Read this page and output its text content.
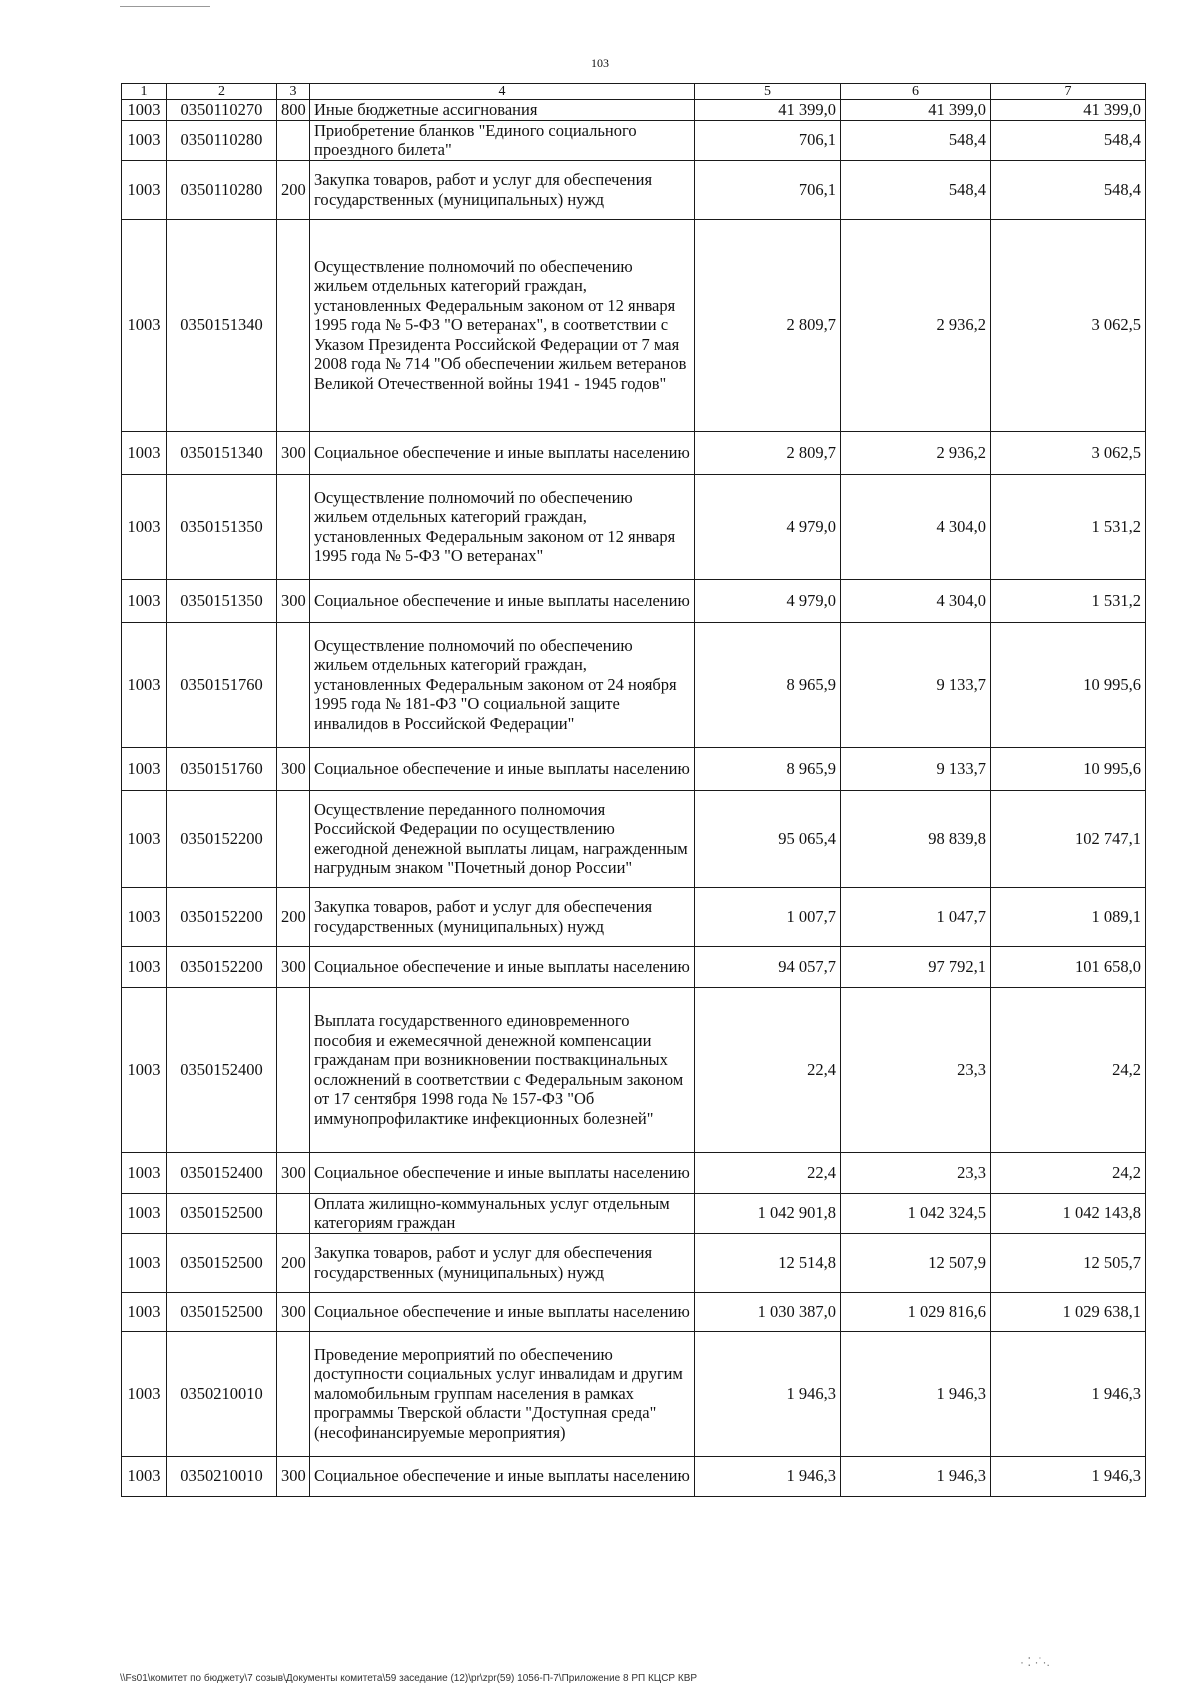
103
1	2	3	4	5	6	7
1003	0350110270	800	Иные бюджетные ассигнования	41 399,0	41 399,0	41 399,0
1003	0350110280		Приобретение бланков "Единого социального проездного билета"	706,1	548,4	548,4
1003	0350110280	200	Закупка товаров, работ и услуг для обеспечения государственных (муниципальных) нужд	706,1	548,4	548,4
1003	0350151340		Осуществление полномочий по обеспечению жильем отдельных категорий граждан, установленных Федеральным законом от 12 января 1995 года № 5-ФЗ "О ветеранах", в соответствии с Указом Президента Российской Федерации от 7 мая 2008 года № 714 "Об обеспечении жильем ветеранов Великой Отечественной войны 1941 - 1945 годов"	2 809,7	2 936,2	3 062,5
1003	0350151340	300	Социальное обеспечение и иные выплаты населению	2 809,7	2 936,2	3 062,5
1003	0350151350		Осуществление полномочий по обеспечению жильем отдельных категорий граждан, установленных Федеральным законом от 12 января 1995 года № 5-ФЗ "О ветеранах"	4 979,0	4 304,0	1 531,2
1003	0350151350	300	Социальное обеспечение и иные выплаты населению	4 979,0	4 304,0	1 531,2
1003	0350151760		Осуществление полномочий по обеспечению жильем отдельных категорий граждан, установленных Федеральным законом от 24 ноября 1995 года № 181-ФЗ "О социальной защите инвалидов в Российской Федерации"	8 965,9	9 133,7	10 995,6
1003	0350151760	300	Социальное обеспечение и иные выплаты населению	8 965,9	9 133,7	10 995,6
1003	0350152200		Осуществление переданного полномочия Российской Федерации по осуществлению ежегодной денежной выплаты лицам, награжденным нагрудным знаком "Почетный донор России"	95 065,4	98 839,8	102 747,1
1003	0350152200	200	Закупка товаров, работ и услуг для обеспечения государственных (муниципальных) нужд	1 007,7	1 047,7	1 089,1
1003	0350152200	300	Социальное обеспечение и иные выплаты населению	94 057,7	97 792,1	101 658,0
1003	0350152400		Выплата государственного единовременного пособия и ежемесячной денежной компенсации гражданам при возникновении поствакцинальных осложнений в соответствии с Федеральным законом от 17 сентября 1998 года № 157-ФЗ "Об иммунопрофилактике инфекционных болезней"	22,4	23,3	24,2
1003	0350152400	300	Социальное обеспечение и иные выплаты населению	22,4	23,3	24,2
1003	0350152500		Оплата жилищно-коммунальных услуг отдельным категориям граждан	1 042 901,8	1 042 324,5	1 042 143,8
1003	0350152500	200	Закупка товаров, работ и услуг для обеспечения государственных (муниципальных) нужд	12 514,8	12 507,9	12 505,7
1003	0350152500	300	Социальное обеспечение и иные выплаты населению	1 030 387,0	1 029 816,6	1 029 638,1
1003	0350210010		Проведение мероприятий по обеспечению доступности социальных услуг инвалидам и другим маломобильным группам населения в рамках программы Тверской области "Доступная среда" (несофинансируемые мероприятия)	1 946,3	1 946,3	1 946,3
1003	0350210010	300	Социальное обеспечение и иные выплаты населению	1 946,3	1 946,3	1 946,3
\\Fs01\комитет по бюджету\7 созыв\Документы комитета\59 заседание (12)\pr\zpr(59) 1056-П-7\Приложение 8 РП КЦСР КВР
· ⁚ ·˙·.
